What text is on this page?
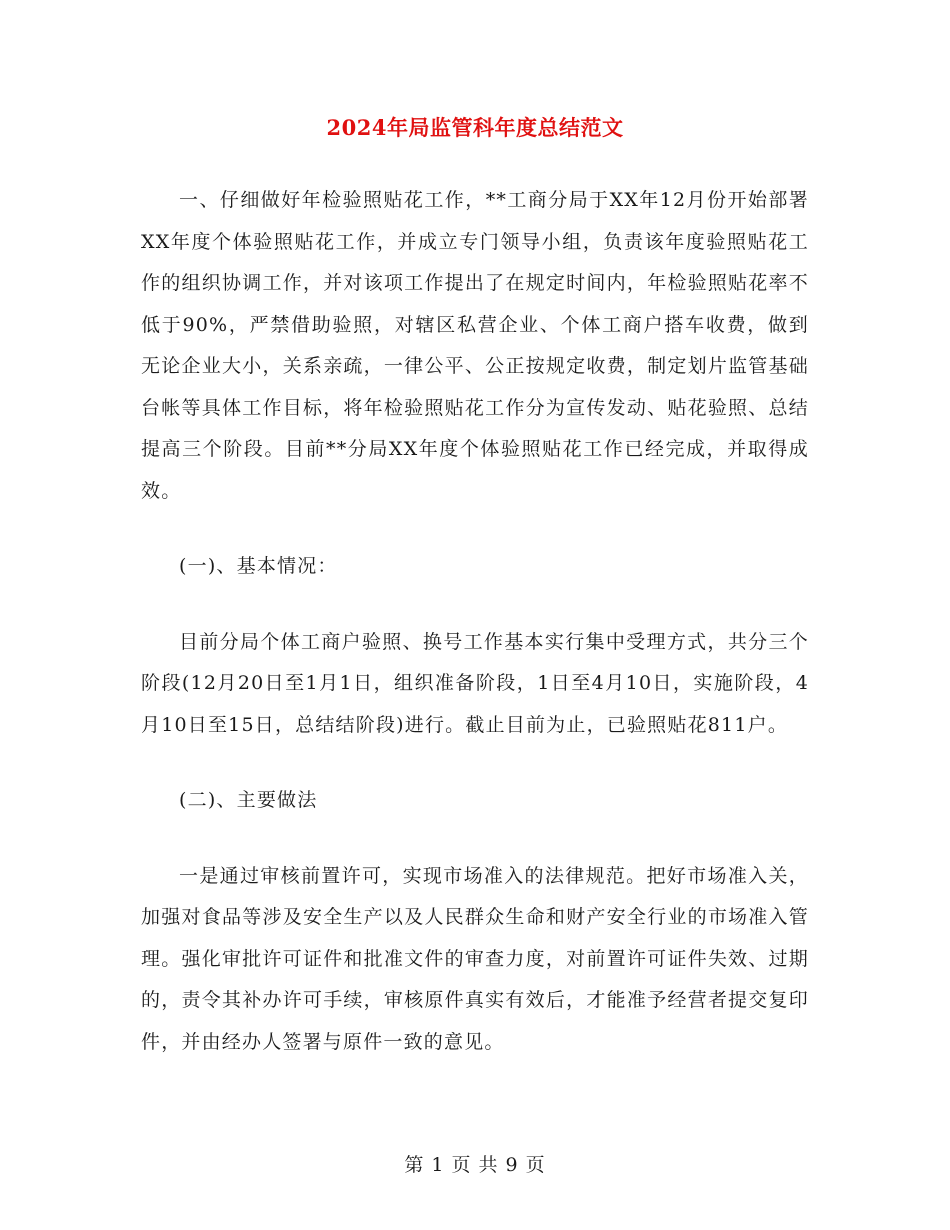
2024年局监管科年度总结范文

一、仔细做好年检验照贴花工作，**工商分局于XX年12月份开始部署XX年度个体验照贴花工作，并成立专门领导小组，负责该年度验照贴花工作的组织协调工作，并对该项工作提出了在规定时间内，年检验照贴花率不低于90%，严禁借助验照，对辖区私营企业、个体工商户搭车收费，做到无论企业大小，关系亲疏，一律公平、公正按规定收费，制定划片监管基础台帐等具体工作目标，将年检验照贴花工作分为宣传发动、贴花验照、总结提高三个阶段。目前**分局XX年度个体验照贴花工作已经完成，并取得成效。

(一)、基本情况：

目前分局个体工商户验照、换号工作基本实行集中受理方式，共分三个阶段(12月20日至1月1日，组织准备阶段，1日至4月10日，实施阶段，4月10日至15日，总结结阶段)进行。截止目前为止，已验照贴花811户。

(二)、主要做法

一是通过审核前置许可，实现市场准入的法律规范。把好市场准入关，加强对食品等涉及安全生产以及人民群众生命和财产安全行业的市场准入管理。强化审批许可证件和批准文件的审查力度，对前置许可证件失效、过期的，责令其补办许可手续，审核原件真实有效后，才能准予经营者提交复印件，并由经办人签署与原件一致的意见。

第 1 页 共 9 页
